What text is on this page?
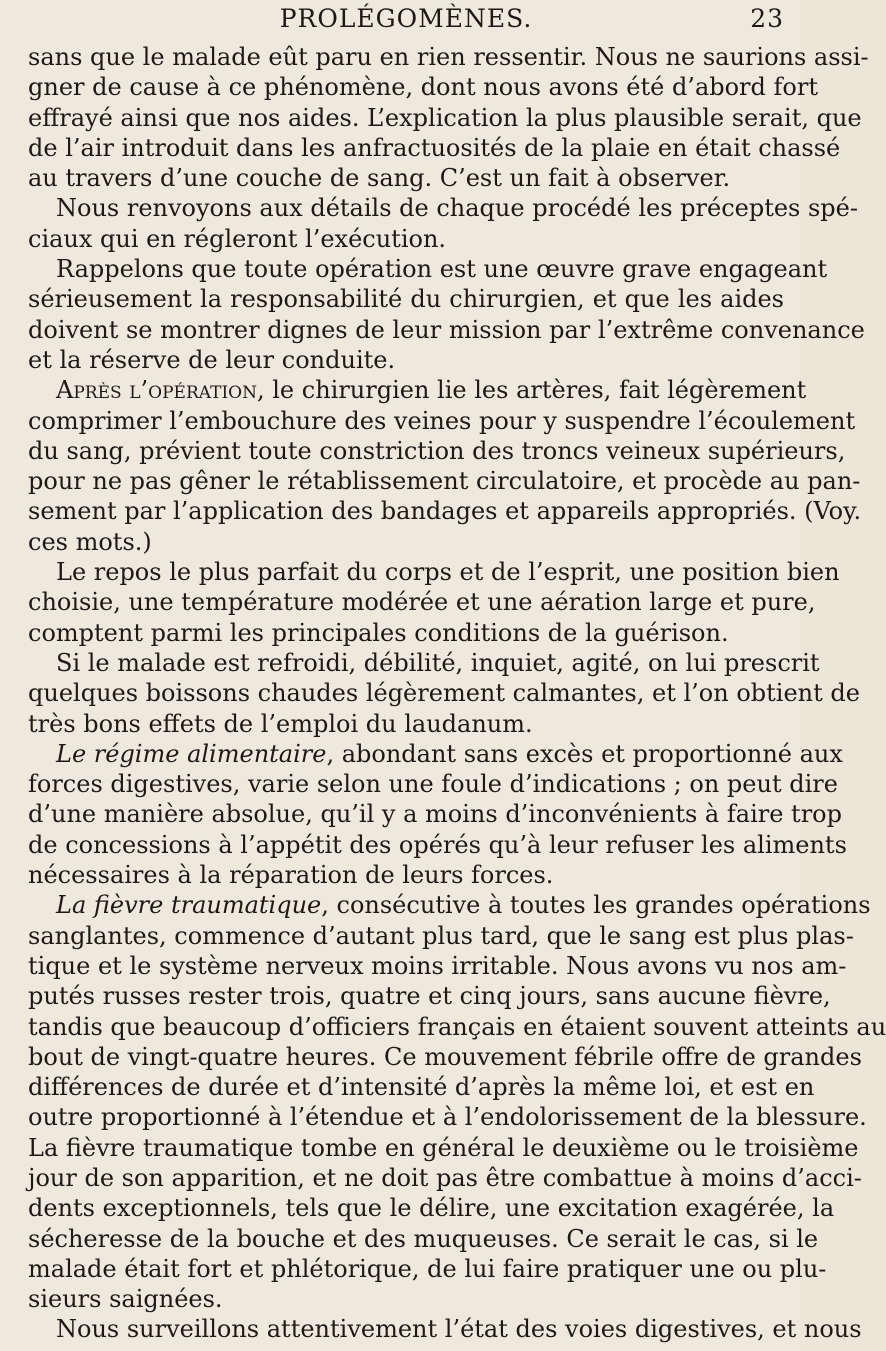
PROLÉGOMÈNES.	23
sans que le malade eût paru en rien ressentir. Nous ne saurions assi-
gner de cause à ce phénomène, dont nous avons été d’abord fort
effrayé ainsi que nos aides. L’explication la plus plausible serait, que
de l’air introduit dans les anfractuosités de la plaie en était chassé
au travers d’une couche de sang. C’est un fait à observer.
Nous renvoyons aux détails de chaque procédé les préceptes spé-
ciaux qui en régleront l’exécution.
Rappelons que toute opération est une œuvre grave engageant
sérieusement la responsabilité du chirurgien, et que les aides
doivent se montrer dignes de leur mission par l’extrême convenance
et la réserve de leur conduite.
Après l’opération, le chirurgien lie les artères, fait légèrement
comprimer l’embouchure des veines pour y suspendre l’écoulement
du sang, prévient toute constriction des troncs veineux supérieurs,
pour ne pas gêner le rétablissement circulatoire, et procède au pan-
sement par l’application des bandages et appareils appropriés. (Voy.
ces mots.)
Le repos le plus parfait du corps et de l’esprit, une position bien
choisie, une température modérée et une aération large et pure,
comptent parmi les principales conditions de la guérison.
Si le malade est refroidi, débilité, inquiet, agité, on lui prescrit
quelques boissons chaudes légèrement calmantes, et l’on obtient de
très bons effets de l’emploi du laudanum.
Le régime alimentaire, abondant sans excès et proportionné aux
forces digestives, varie selon une foule d’indications ; on peut dire
d’une manière absolue, qu’il y a moins d’inconvénients à faire trop
de concessions à l’appétit des opérés qu’à leur refuser les aliments
nécessaires à la réparation de leurs forces.
La fièvre traumatique, consécutive à toutes les grandes opérations
sanglantes, commence d’autant plus tard, que le sang est plus plas-
tique et le système nerveux moins irritable. Nous avons vu nos am-
putés russes rester trois, quatre et cinq jours, sans aucune fièvre,
tandis que beaucoup d’officiers français en étaient souvent atteints au
bout de vingt-quatre heures. Ce mouvement fébrile offre de grandes
différences de durée et d’intensité d’après la même loi, et est en
outre proportionné à l’étendue et à l’endolorissement de la blessure.
La fièvre traumatique tombe en général le deuxième ou le troisième
jour de son apparition, et ne doit pas être combattue à moins d’acci-
dents exceptionnels, tels que le délire, une excitation exagérée, la
sécheresse de la bouche et des muqueuses. Ce serait le cas, si le
malade était fort et phlétorique, de lui faire pratiquer une ou plu-
sieurs saignées.
Nous surveillons attentivement l’état des voies digestives, et nous
